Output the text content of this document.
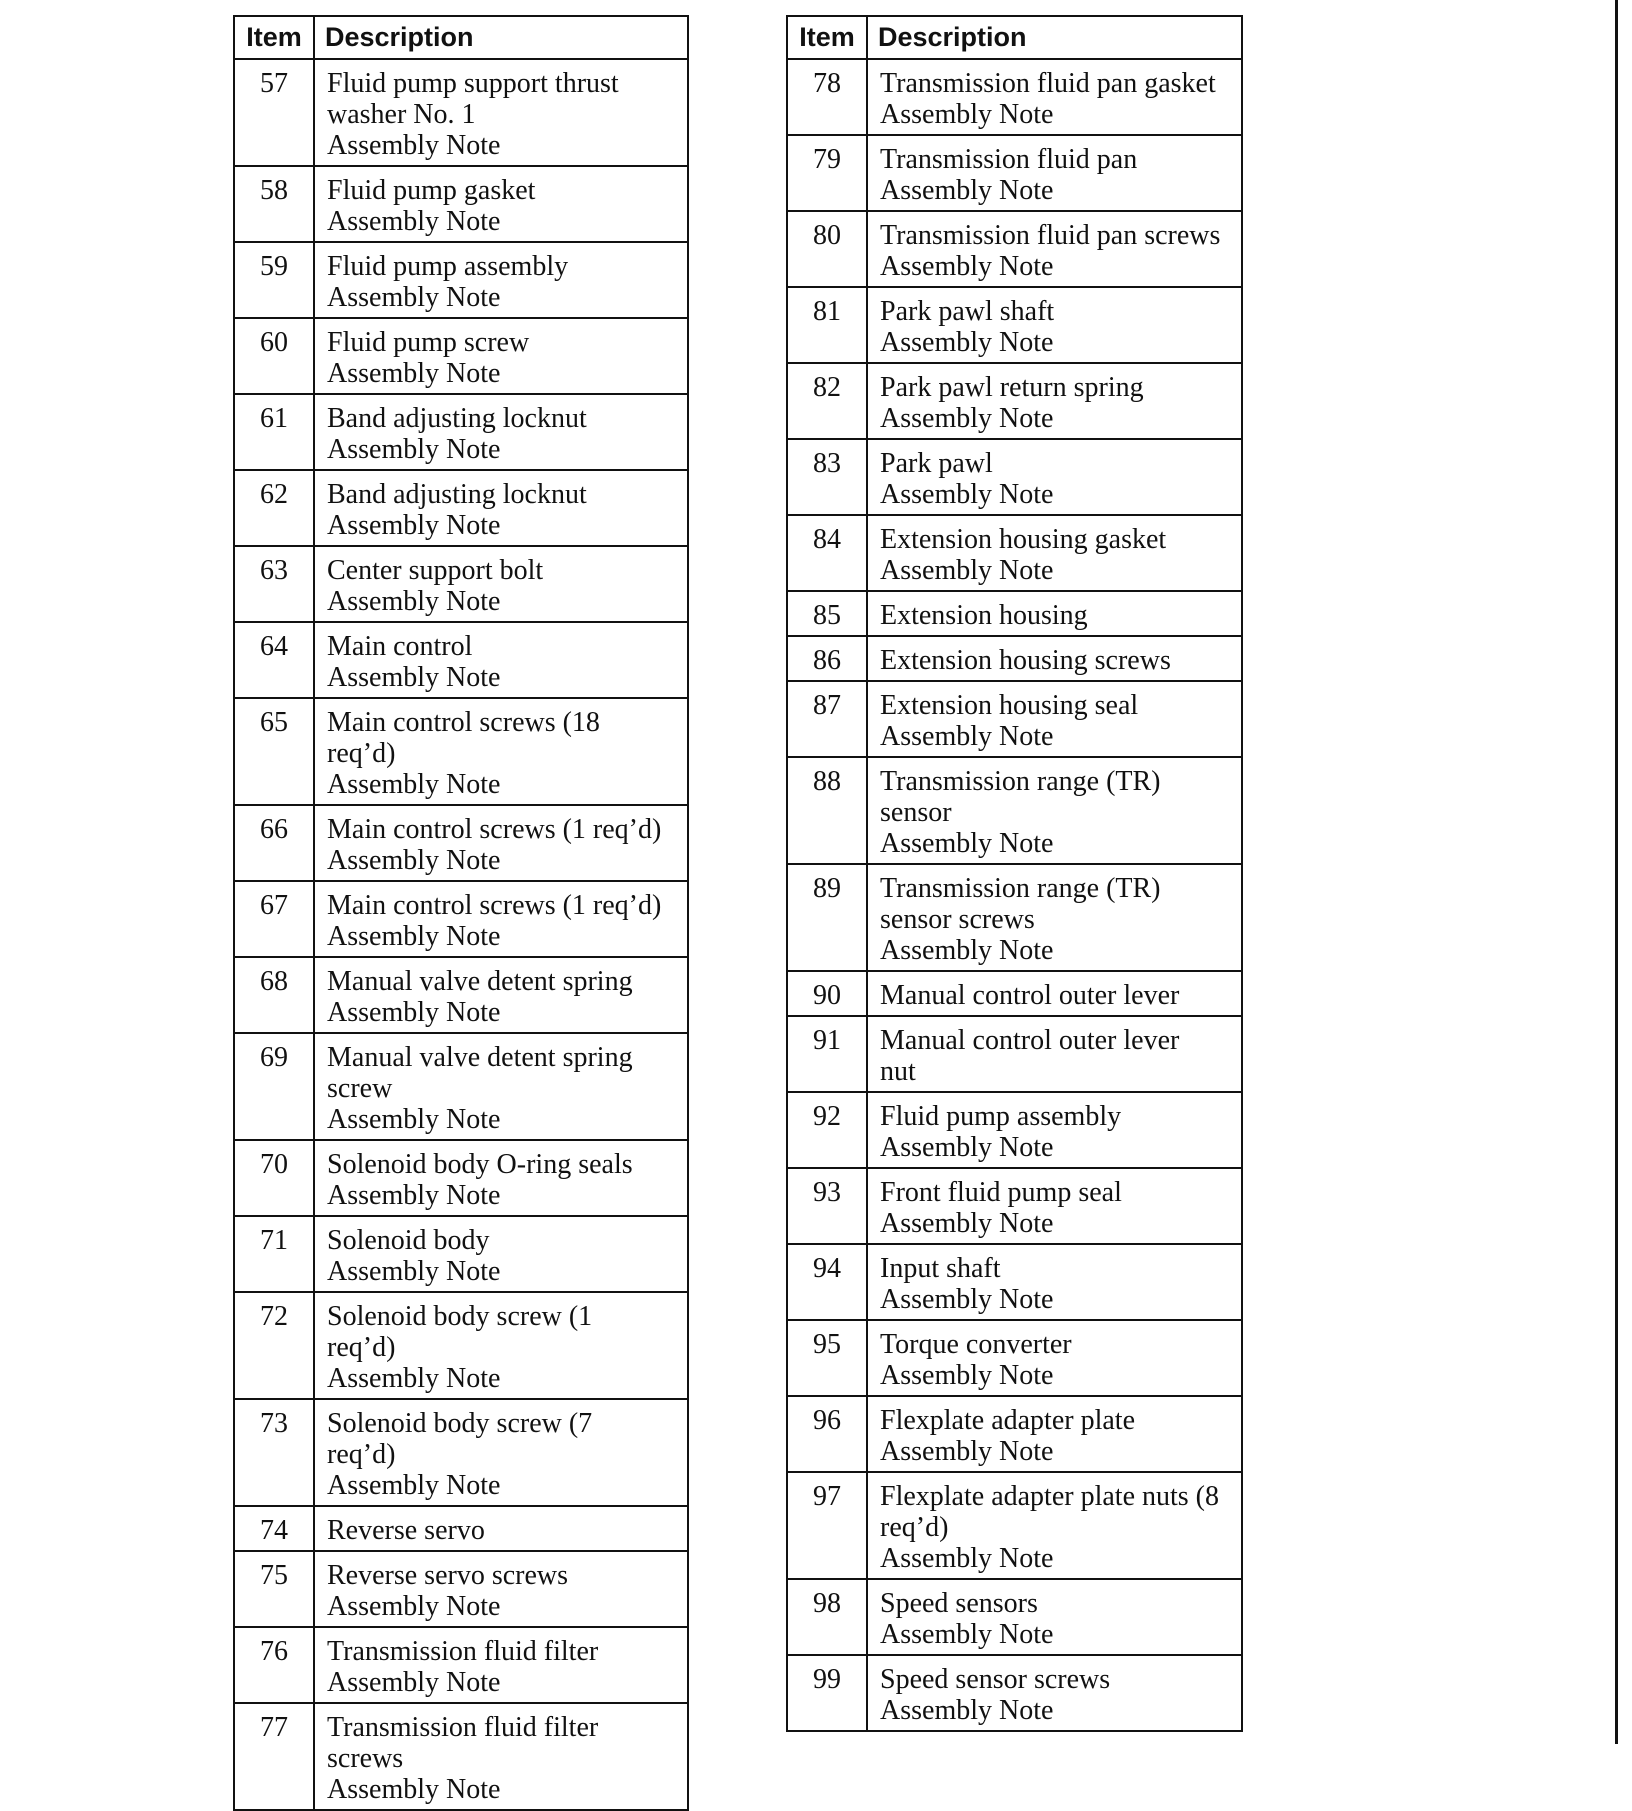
Item	Description
57	Fluid pump support thrust
washer No. 1
Assembly Note

58	Fluid pump gasket
Assembly Note

59	Fluid pump assembly
Assembly Note

60	Fluid pump screw
Assembly Note

61	Band adjusting locknut
Assembly Note

62	Band adjusting locknut
Assembly Note

63	Center support bolt
Assembly Note

64	Main control
Assembly Note

65	Main control screws (18
req’d)
Assembly Note

66	Main control screws (1 req’d)
Assembly Note

67	Main control screws (1 req’d)
Assembly Note

68	Manual valve detent spring
Assembly Note

69	Manual valve detent spring
screw
Assembly Note

70	Solenoid body O-ring seals
Assembly Note

71	Solenoid body
Assembly Note

72	Solenoid body screw (1
req’d)
Assembly Note

73	Solenoid body screw (7
req’d)
Assembly Note

74	Reverse servo

75	Reverse servo screws
Assembly Note

76	Transmission fluid filter
Assembly Note

77	Transmission fluid filter
screws
Assembly Note
Item	Description
78	Transmission fluid pan gasket
Assembly Note

79	Transmission fluid pan
Assembly Note

80	Transmission fluid pan screws
Assembly Note

81	Park pawl shaft
Assembly Note

82	Park pawl return spring
Assembly Note

83	Park pawl
Assembly Note

84	Extension housing gasket
Assembly Note

85	Extension housing

86	Extension housing screws

87	Extension housing seal
Assembly Note

88	Transmission range (TR)
sensor
Assembly Note

89	Transmission range (TR)
sensor screws
Assembly Note

90	Manual control outer lever

91	Manual control outer lever
nut

92	Fluid pump assembly
Assembly Note

93	Front fluid pump seal
Assembly Note

94	Input shaft
Assembly Note

95	Torque converter
Assembly Note

96	Flexplate adapter plate
Assembly Note

97	Flexplate adapter plate nuts (8
req’d)
Assembly Note

98	Speed sensors
Assembly Note

99	Speed sensor screws
Assembly Note
